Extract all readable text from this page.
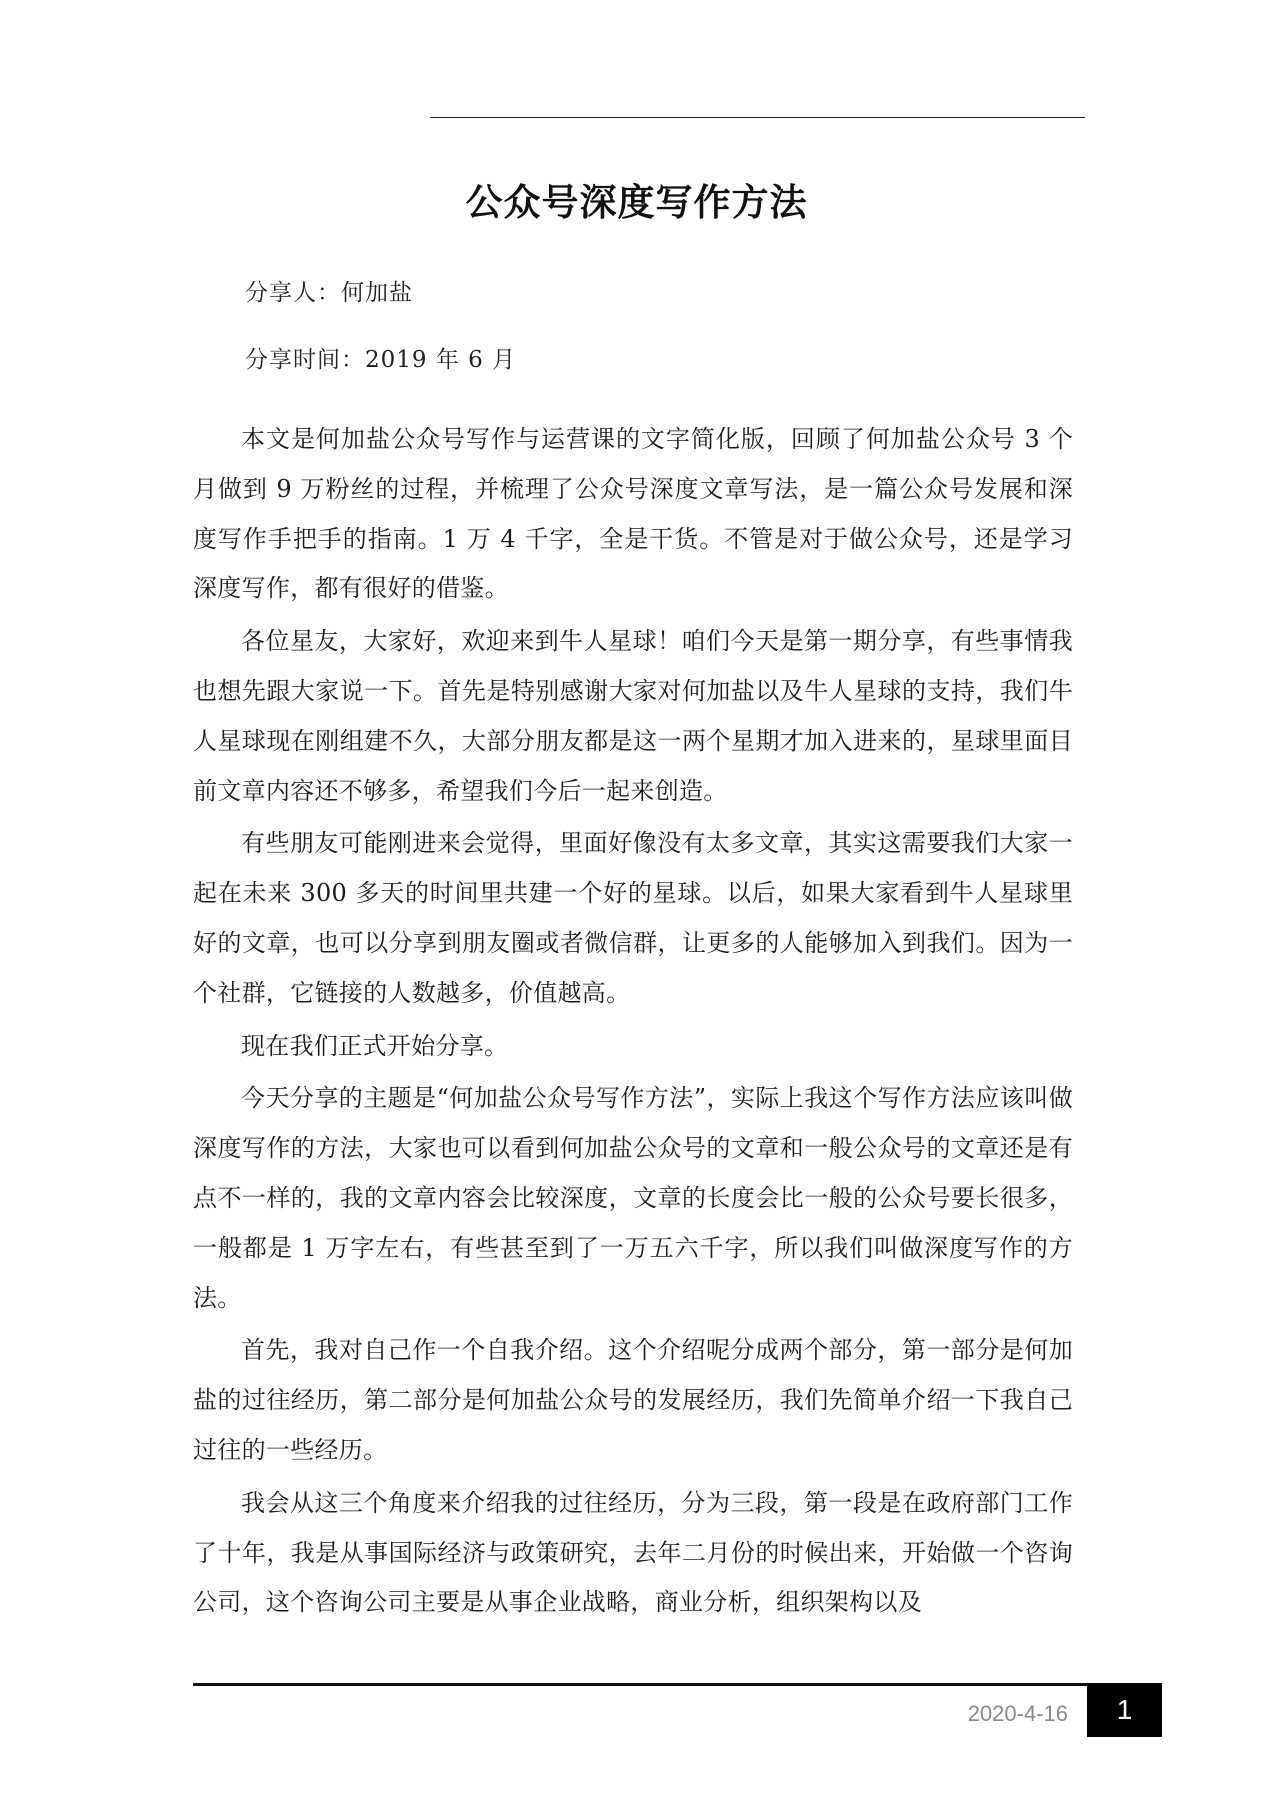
公众号深度写作方法

分享人：何加盐

分享时间：2019 年 6 月

本文是何加盐公众号写作与运营课的文字简化版，回顾了何加盐公众号 3 个月做到 9 万粉丝的过程，并梳理了公众号深度文章写法，是一篇公众号发展和深度写作手把手的指南。1 万 4 千字，全是干货。不管是对于做公众号，还是学习深度写作，都有很好的借鉴。

各位星友，大家好，欢迎来到牛人星球！咱们今天是第一期分享，有些事情我也想先跟大家说一下。首先是特别感谢大家对何加盐以及牛人星球的支持，我们牛人星球现在刚组建不久，大部分朋友都是这一两个星期才加入进来的，星球里面目前文章内容还不够多，希望我们今后一起来创造。

有些朋友可能刚进来会觉得，里面好像没有太多文章，其实这需要我们大家一起在未来 300 多天的时间里共建一个好的星球。以后，如果大家看到牛人星球里好的文章，也可以分享到朋友圈或者微信群，让更多的人能够加入到我们。因为一个社群，它链接的人数越多，价值越高。

现在我们正式开始分享。

今天分享的主题是“何加盐公众号写作方法”，实际上我这个写作方法应该叫做深度写作的方法，大家也可以看到何加盐公众号的文章和一般公众号的文章还是有点不一样的，我的文章内容会比较深度，文章的长度会比一般的公众号要长很多，一般都是 1 万字左右，有些甚至到了一万五六千字，所以我们叫做深度写作的方法。

首先，我对自己作一个自我介绍。这个介绍呢分成两个部分，第一部分是何加盐的过往经历，第二部分是何加盐公众号的发展经历，我们先简单介绍一下我自己过往的一些经历。

我会从这三个角度来介绍我的过往经历，分为三段，第一段是在政府部门工作了十年，我是从事国际经济与政策研究，去年二月份的时候出来，开始做一个咨询公司，这个咨询公司主要是从事企业战略，商业分析，组织架构以及

2020-4-16 1
